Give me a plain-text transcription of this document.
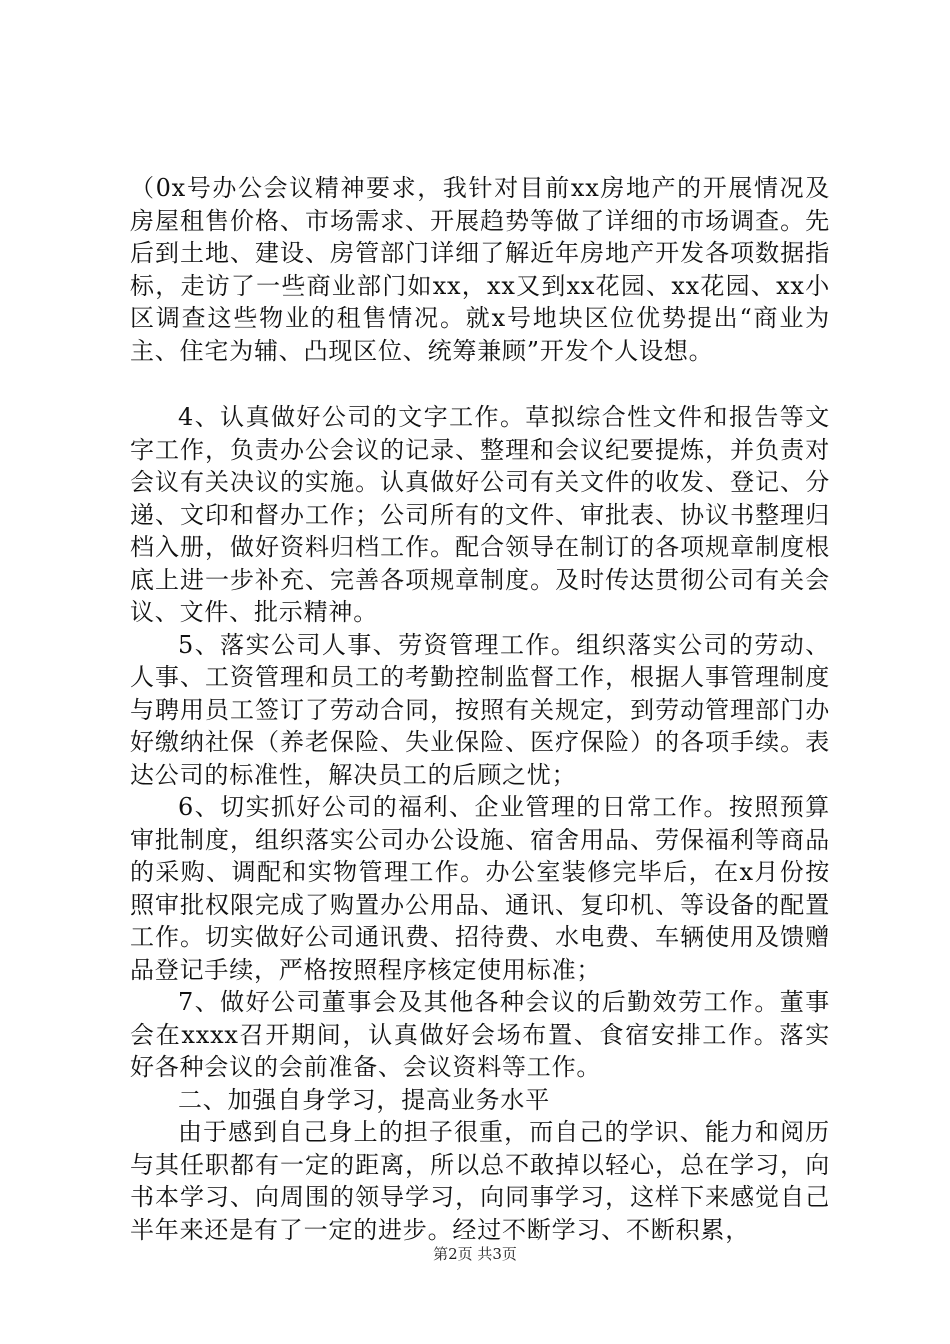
（0x号办公会议精神要求，我针对目前xx房地产的开展情况及房屋租售价格、市场需求、开展趋势等做了详细的市场调查。先后到土地、建设、房管部门详细了解近年房地产开发各项数据指标，走访了一些商业部门如xx，xx又到xx花园、xx花园、xx小区调查这些物业的租售情况。就x号地块区位优势提出“商业为主、住宅为辅、凸现区位、统筹兼顾”开发个人设想。

4、认真做好公司的文字工作。草拟综合性文件和报告等文字工作，负责办公会议的记录、整理和会议纪要提炼，并负责对会议有关决议的实施。认真做好公司有关文件的收发、登记、分递、文印和督办工作；公司所有的文件、审批表、协议书整理归档入册，做好资料归档工作。配合领导在制订的各项规章制度根底上进一步补充、完善各项规章制度。及时传达贯彻公司有关会议、文件、批示精神。

5、落实公司人事、劳资管理工作。组织落实公司的劳动、人事、工资管理和员工的考勤控制监督工作，根据人事管理制度与聘用员工签订了劳动合同，按照有关规定，到劳动管理部门办好缴纳社保（养老保险、失业保险、医疗保险）的各项手续。表达公司的标准性，解决员工的后顾之忧；

6、切实抓好公司的福利、企业管理的日常工作。按照预算审批制度，组织落实公司办公设施、宿舍用品、劳保福利等商品的采购、调配和实物管理工作。办公室装修完毕后，在x月份按照审批权限完成了购置办公用品、通讯、复印机、等设备的配置工作。切实做好公司通讯费、招待费、水电费、车辆使用及馈赠品登记手续，严格按照程序核定使用标准；

7、做好公司董事会及其他各种会议的后勤效劳工作。董事会在xxxx召开期间，认真做好会场布置、食宿安排工作。落实好各种会议的会前准备、会议资料等工作。

二、加强自身学习，提高业务水平

由于感到自己身上的担子很重，而自己的学识、能力和阅历与其任职都有一定的距离，所以总不敢掉以轻心，总在学习，向书本学习、向周围的领导学习，向同事学习，这样下来感觉自己半年来还是有了一定的进步。经过不断学习、不断积累，

第2页 共3页
